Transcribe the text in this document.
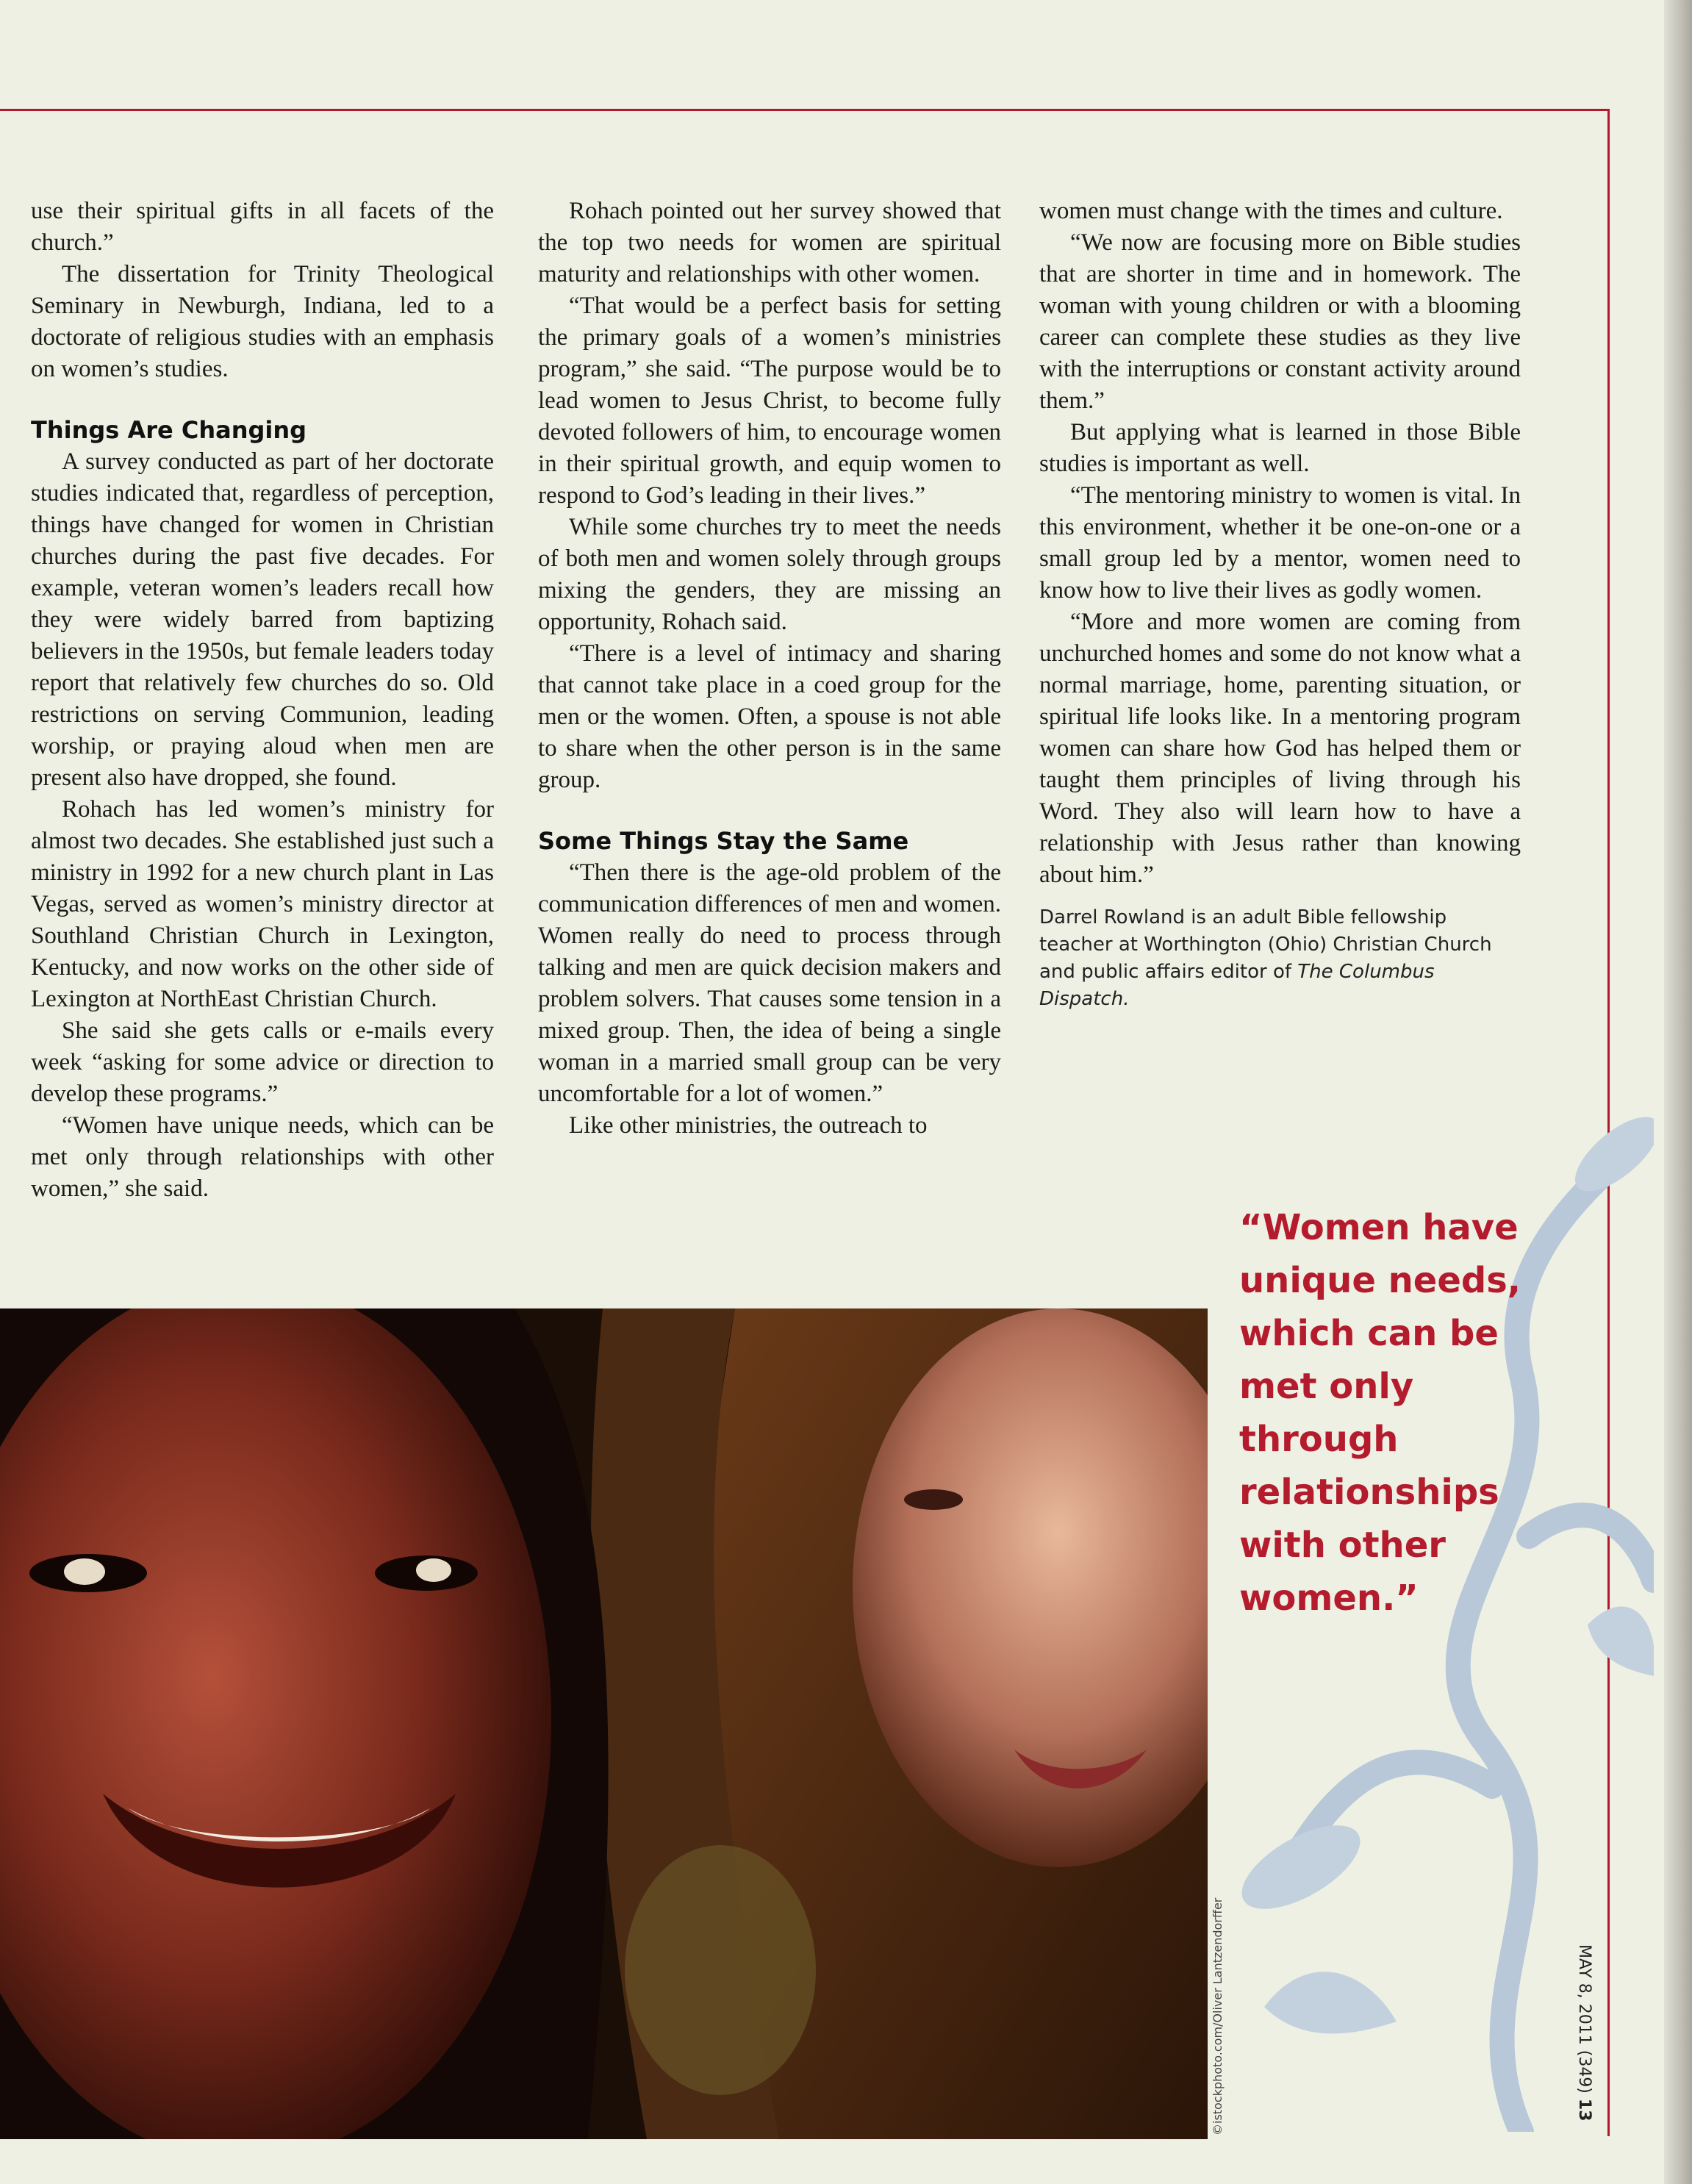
use their spiritual gifts in all facets of the church.”

The dissertation for Trinity Theological Seminary in Newburgh, Indiana, led to a doctorate of religious studies with an emphasis on women’s studies.

Things Are Changing

A survey conducted as part of her doctorate studies indicated that, regardless of perception, things have changed for women in Christian churches during the past five decades. For example, veteran women’s leaders recall how they were widely barred from baptizing believers in the 1950s, but female leaders today report that relatively few churches do so. Old restrictions on serving Communion, leading worship, or praying aloud when men are present also have dropped, she found.

Rohach has led women’s ministry for almost two decades. She established just such a ministry in 1992 for a new church plant in Las Vegas, served as women’s ministry director at Southland Christian Church in Lexington, Kentucky, and now works on the other side of Lexington at NorthEast Christian Church.

She said she gets calls or e-mails every week “asking for some advice or direction to develop these programs.”

“Women have unique needs, which can be met only through relationships with other women,” she said.

Rohach pointed out her survey showed that the top two needs for women are spiritual maturity and relationships with other women.

“That would be a perfect basis for setting the primary goals of a women’s ministries program,” she said. “The purpose would be to lead women to Jesus Christ, to become fully devoted followers of him, to encourage women in their spiritual growth, and equip women to respond to God’s leading in their lives.”

While some churches try to meet the needs of both men and women solely through groups mixing the genders, they are missing an opportunity, Rohach said.

“There is a level of intimacy and sharing that cannot take place in a coed group for the men or the women. Often, a spouse is not able to share when the other person is in the same group.

Some Things Stay the Same

“Then there is the age-old problem of the communication differences of men and women. Women really do need to process through talking and men are quick decision makers and problem solvers. That causes some tension in a mixed group. Then, the idea of being a single woman in a married small group can be very uncomfortable for a lot of women.”

Like other ministries, the outreach to

women must change with the times and culture.

“We now are focusing more on Bible studies that are shorter in time and in homework. The woman with young children or with a blooming career can complete these studies as they live with the interruptions or constant activity around them.”

But applying what is learned in those Bible studies is important as well.

“The mentoring ministry to women is vital. In this environment, whether it be one-on-one or a small group led by a mentor, women need to know how to live their lives as godly women.

“More and more women are coming from unchurched homes and some do not know what a normal marriage, home, parenting situation, or spiritual life looks like. In a mentoring program women can share how God has helped them or taught them principles of living through his Word. They also will learn how to have a relationship with Jesus rather than knowing about him.”

Darrel Rowland is an adult Bible fellowship teacher at Worthington (Ohio) Christian Church and public affairs editor of The Columbus Dispatch.

“Women have unique needs, which can be met only through relationships with other women.”

©istockphoto.com/Oliver Lantzendorffer	MAY 8, 2011 (349) 13
